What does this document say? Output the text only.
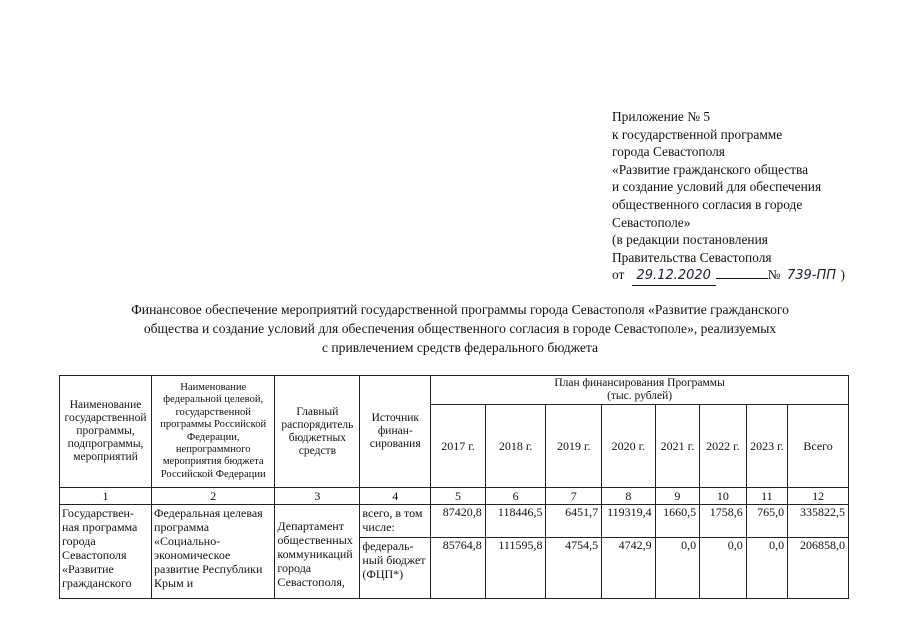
Приложение № 5
к государственной программе
города Севастополя
«Развитие гражданского общества
и создание условий для обеспечения
общественного согласия в городе
Севастополе»
(в редакции постановления
Правительства Севастополя
от 29.12.2020	№ 739-ПП )
Финансовое обеспечение мероприятий государственной программы города Севастополя «Развитие гражданского
общества и создание условий для обеспечения общественного согласия в городе Севастополе», реализуемых
с привлечением средств федерального бюджета
Наименование государственной программы, подпрограммы, мероприятий	Наименование федеральной целевой, государственной программы Российской Федерации, непрограммного мероприятия бюджета Российской Федерации	Главный распорядитель бюджетных средств	Источник финан-сирования	План финансирования Программы
(тыс. рублей)							

				2017 г.	2018 г.	2019 г.	2020 г.	2021 г.	2022 г.	2023 г.	Всего
1	2	3	4	5	6	7	8	9	10	11	12
Государствен-ная программа города Севастополя «Развитие гражданского	Федеральная целевая программа «Социально-экономическое развитие Республики Крым и	Департамент общественных коммуникаций города Севастополя,	всего, в том числе:	87420,8	118446,5	6451,7	119319,4	1660,5	1758,6	765,0	335822,5
			федераль-ный бюджет (ФЦП*)	85764,8	111595,8	4754,5	4742,9	0,0	0,0	0,0	206858,0
